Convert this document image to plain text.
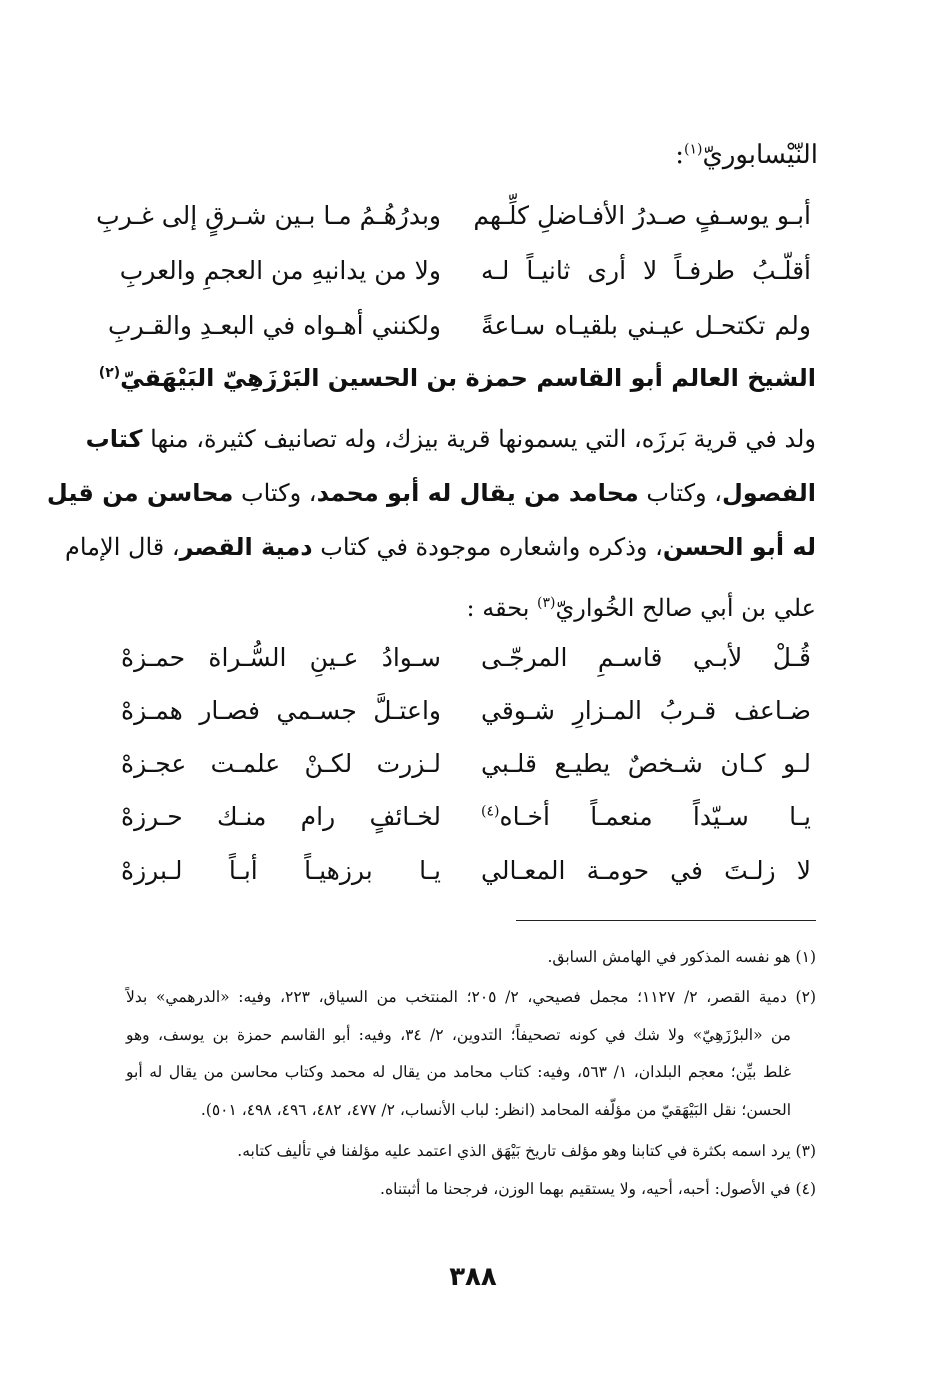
النّيْسابوريّ$^{(١)}$:
أبـو يوسـفٍ صـدرُ الأفـاضلِ كلِّـهم
وبدرُهُـمُ مـا بـين شـرقٍ إلى غـربِ
أقلّـبُ طرفـاً لا أرى ثانيـاً لـه
ولا من يدانيهِ من العجمِ والعربِ
ولم تكتحـل عيـني بلقيـاه سـاعةً
ولكنني أهـواه في البعـدِ والقـربِ
الشيخ العالم أبو القاسم حمزة بن الحسين البَرْزَهِيّ البَيْهَقيّ$^{(٢)}$
ولد في قرية بَرزَه، التي يسمونها قرية بيزك، وله تصانيف كثيرة، منها كتاب
الفصول، وكتاب محامد من يقال له أبو محمد، وكتاب محاسن من قيل
له أبو الحسن، وذكره واشعاره موجودة في كتاب دمية القصر، قال الإمام
علي بن أبي صالح الخُواريّ$^{(٣)}$ بحقه :
قُـلْ لأبـي قاسـمِ المرجّـى
سـوادُ عـينِ السُّـراة حمـزهْ
ضـاعف قـربُ المـزارِ شـوقي
واعتـلَّ جسـمي فصـار همـزهْ
لـو كـان شـخصٌ يطيـع قلـبي
لـزرت لكـنْ علمـت عجـزهْ
يـا سـيّداً منعمـاً أخـاه$^{(٤)}$
لخـائفٍ رام منـك حـرزهْ
لا زلـتَ في حومـة المعـالي
يـا برزهيـاً أبـاً لـبرزهْ
(١) هو نفسه المذكور في الهامش السابق.
(٢) دمية القصر، ٢/ ١١٢٧؛ مجمل فصيحي، ٢/ ٢٠٥؛ المنتخب من السياق، ٢٢٣، وفيه: «الدرهمي» بدلاً
من «البرْزَهِيّ» ولا شك في كونه تصحيفاً؛ التدوين، ٢/ ٣٤، وفيه: أبو القاسم حمزة بن يوسف، وهو
غلط بيِّن؛ معجم البلدان، ١/ ٥٦٣، وفيه: كتاب محامد من يقال له محمد وكتاب محاسن من يقال له أبو
الحسن؛ نقل البَيْهَقيّ من مؤلّفه المحامد (انظر: لباب الأنساب، ٢/ ٤٧٧، ٤٨٢، ٤٩٦، ٤٩٨، ٥٠١).
(٣) يرد اسمه بكثرة في كتابنا وهو مؤلف تاريخ بَيْهَق الذي اعتمد عليه مؤلفنا في تأليف كتابه.
(٤) في الأصول: أحبه، أحيه، ولا يستقيم بهما الوزن، فرجحنا ما أثبتناه.
٣٨٨
